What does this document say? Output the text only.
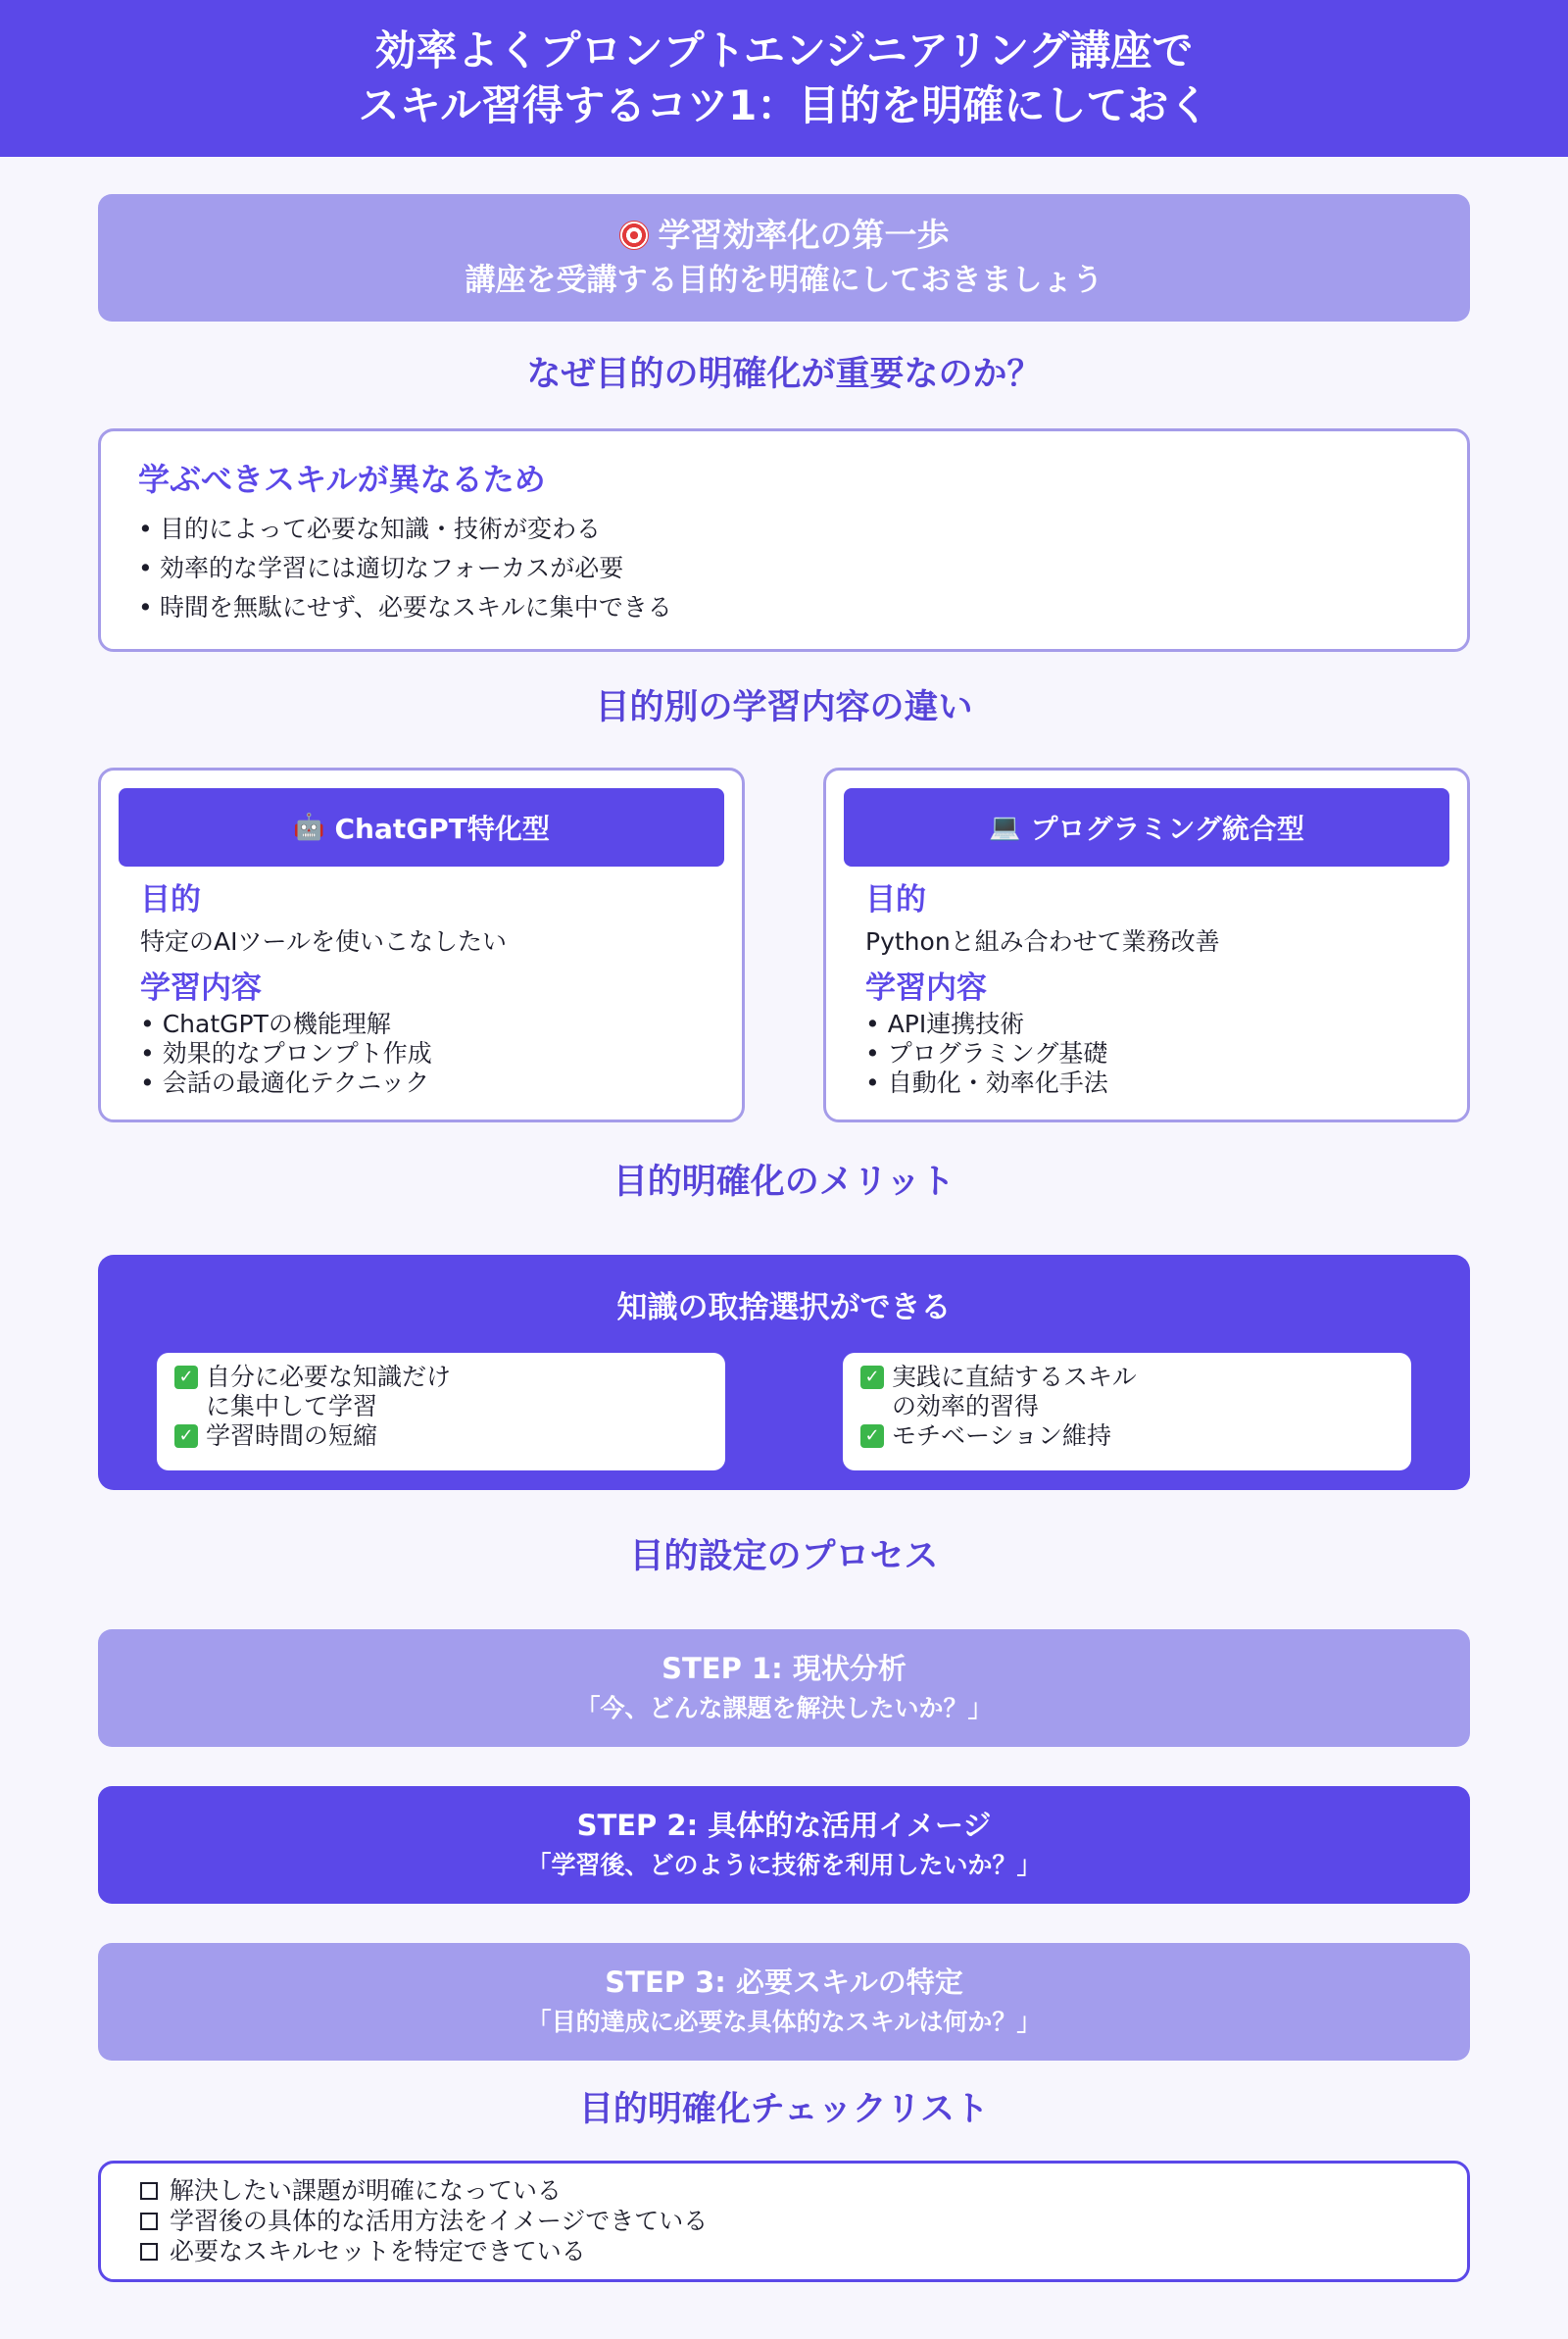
効率よくプロンプトエンジニアリング講座で
スキル習得するコツ1：目的を明確にしておく
学習効率化の第一歩
講座を受講する目的を明確にしておきましょう
なぜ目的の明確化が重要なのか？
学ぶべきスキルが異なるため
• 目的によって必要な知識・技術が変わる
• 効率的な学習には適切なフォーカスが必要
• 時間を無駄にせず、必要なスキルに集中できる
目的別の学習内容の違い
🤖 ChatGPT特化型
目的
特定のAIツールを使いこなしたい
学習内容
• ChatGPTの機能理解
• 効果的なプロンプト作成
• 会話の最適化テクニック
💻 プログラミング統合型
目的
Pythonと組み合わせて業務改善
学習内容
• API連携技術
• プログラミング基礎
• 自動化・効率化手法
目的明確化のメリット
知識の取捨選択ができる
✓ 自分に必要な知識だけ
に集中して学習
✓ 学習時間の短縮
✓ 実践に直結するスキル
の効率的習得
✓ モチベーション維持
目的設定のプロセス
STEP 1: 現状分析
「今、どんな課題を解決したいか？」
STEP 2: 具体的な活用イメージ
「学習後、どのように技術を利用したいか？」
STEP 3: 必要スキルの特定
「目的達成に必要な具体的なスキルは何か？」
目的明確化チェックリスト
解決したい課題が明確になっている
学習後の具体的な活用方法をイメージできている
必要なスキルセットを特定できている
